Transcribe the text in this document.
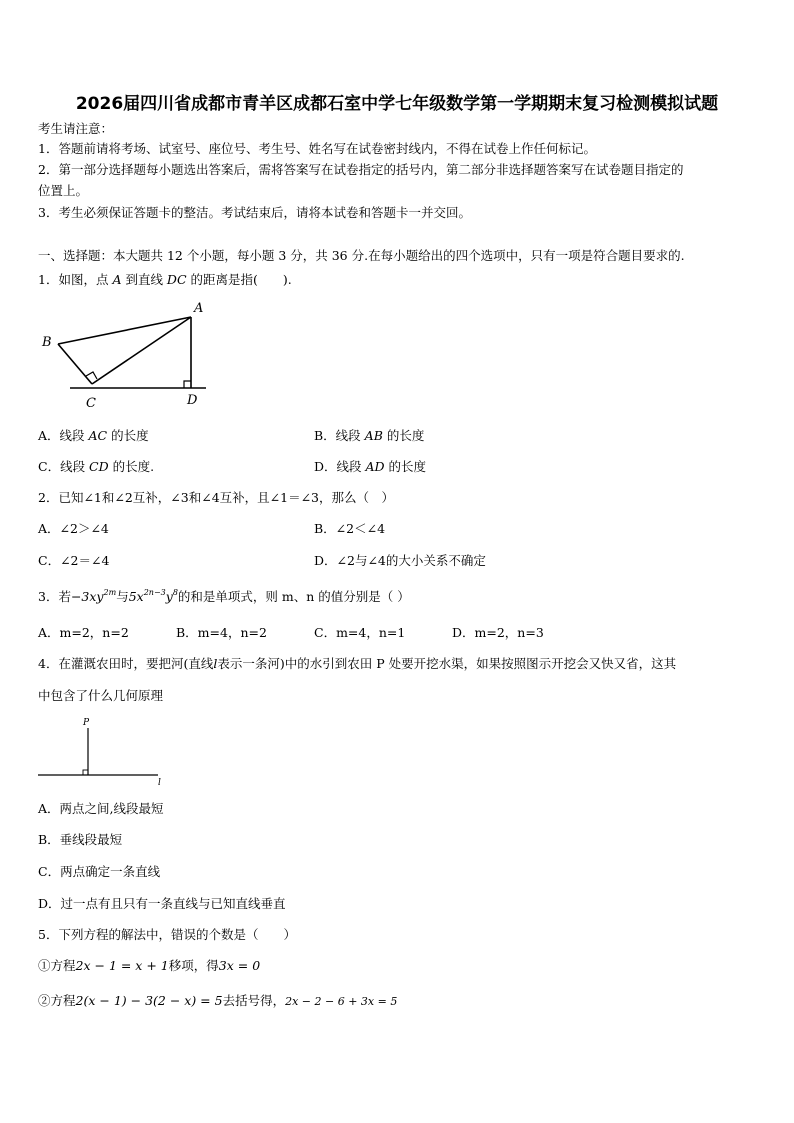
2026届四川省成都市青羊区成都石室中学七年级数学第一学期期末复习检测模拟试题
考生请注意：
1．答题前请将考场、试室号、座位号、考生号、姓名写在试卷密封线内，不得在试卷上作任何标记。
2．第一部分选择题每小题选出答案后，需将答案写在试卷指定的括号内，第二部分非选择题答案写在试卷题目指定的
位置上。
3．考生必须保证答题卡的整洁。考试结束后，请将本试卷和答题卡一并交回。
一、选择题：本大题共 12 个小题，每小题 3 分，共 36 分.在每小题给出的四个选项中，只有一项是符合题目要求的.
1．如图，点 A 到直线 DC 的距离是指(　　).
A
B
C	D
A．线段 AC 的长度	B．线段 AB 的长度
C．线段 CD 的长度.	D．线段 AD 的长度
2．已知∠1和∠2互补，∠3和∠4互补，且∠1＝∠3，那么（　）
A．∠2＞∠4	B．∠2＜∠4
C．∠2＝∠4	D．∠2与∠4的大小关系不确定
3．若$-3xy^{2m}$与$5x^{2n-3}y^8$的和是单项式，则 m、n 的值分别是（ ）
A．m=2，n=2	B．m=4，n=2	C．m=4，n=1	D．m=2，n=3
4．在灌溉农田时，要把河(直线l表示一条河)中的水引到农田 P 处要开挖水渠，如果按照图示开挖会又快又省，这其
中包含了什么几何原理
P
l
A．两点之间,线段最短
B．垂线段最短
C．两点确定一条直线
D．过一点有且只有一条直线与已知直线垂直
5．下列方程的解法中，错误的个数是（　　）
①方程2x − 1 = x + 1移项，得3x = 0
②方程2(x − 1) − 3(2 − x) = 5去括号得，2x − 2 − 6 + 3x = 5
